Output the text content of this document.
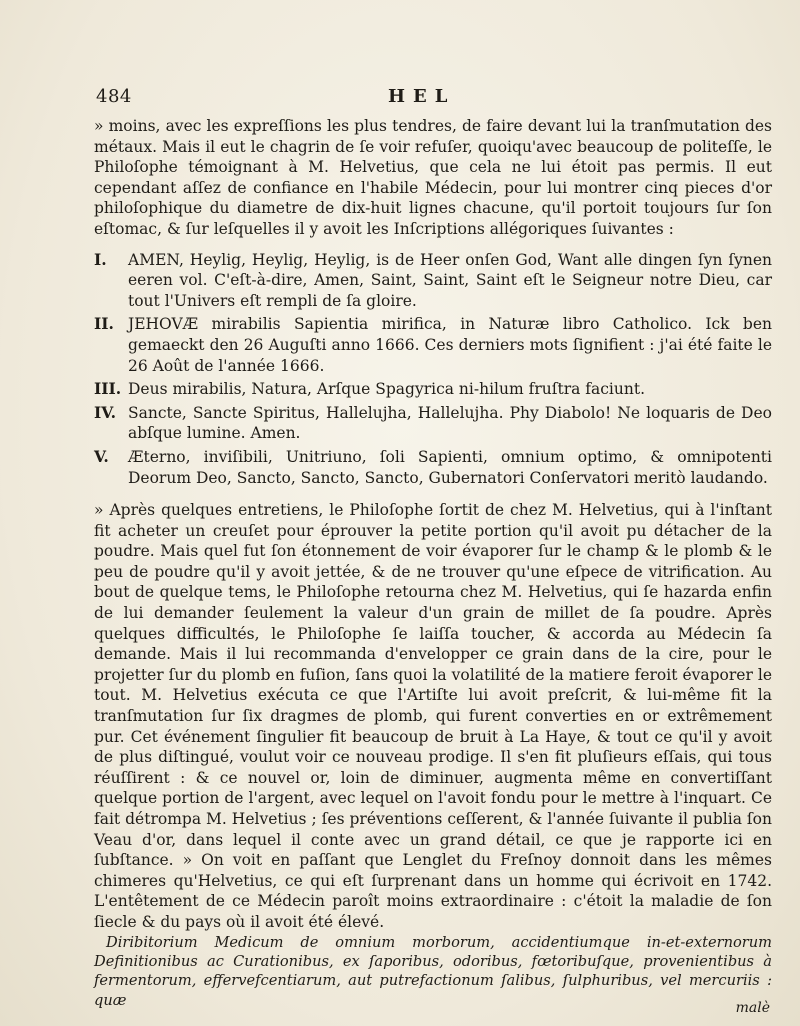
484	HEL

» moins, avec les expreſſions les plus tendres, de faire devant lui la tranſmutation des métaux. Mais il eut le chagrin de ſe voir refuſer, quoiqu'avec beaucoup de politeſſe, le Philoſophe témoignant à M. Helvetius, que cela ne lui étoit pas permis. Il eut cependant aſſez de confiance en l'habile Médecin, pour lui montrer cinq pieces d'or philoſophique du diametre de dix-huit lignes chacune, qu'il portoit toujours ſur ſon eſtomac, & ſur leſquelles il y avoit les Inſcriptions allégoriques ſuivantes :

I.	AMEN, Heylig, Heylig, Heylig, is de Heer onſen God, Want alle dingen ſyn ſynen eeren vol. C'eſt-à-dire, Amen, Saint, Saint, Saint eſt le Seigneur notre Dieu, car tout l'Univers eſt rempli de ſa gloire.
II. JEHOVÆ mirabilis Sapientia mirifica, in Naturæ libro Catholico. Ick ben gemaeckt den 26 Auguſti anno 1666. Ces derniers mots ſignifient : j'ai été faite le 26 Août de l'année 1666.
III. Deus mirabilis, Natura, Arſque Spagyrica ni-hilum fruſtra faciunt.
IV. Sancte, Sancte Spiritus, Hallelujha, Hallelujha. Phy Diabolo! Ne loquaris de Deo abſque lumine. Amen.
V.	Æterno, inviſibili, Unitriuno, ſoli Sapienti, omnium optimo, & omnipotenti Deorum Deo, Sancto, Sancto, Sancto, Gubernatori Conſervatori meritò laudando.

» Après quelques entretiens, le Philoſophe ſortit de chez M. Helvetius, qui à l'inſtant fit acheter un creuſet pour éprouver la petite portion qu'il avoit pu détacher de la poudre. Mais quel fut ſon étonnement de voir évaporer ſur le champ & le plomb & le peu de poudre qu'il y avoit jettée, & de ne trouver qu'une eſpece de vitrification. Au bout de quelque tems, le Philoſophe retourna chez M. Helvetius, qui ſe hazarda enfin de lui demander ſeulement la valeur d'un grain de millet de ſa poudre. Après quelques difficultés, le Philoſophe ſe laiſſa toucher, & accorda au Médecin ſa demande. Mais il lui recommanda d'envelopper ce grain dans de la cire, pour le projetter ſur du plomb en fuſion, ſans quoi la volatilité de la matiere feroit évaporer le tout. M. Helvetius exécuta ce que l'Artiſte lui avoit preſcrit, & lui-même fit la tranſmutation ſur ſix dragmes de plomb, qui furent converties en or extrêmement pur. Cet événement ſingulier fit beaucoup de bruit à La Haye, & tout ce qu'il y avoit de plus diſtingué, voulut voir ce nouveau prodige. Il s'en fit pluſieurs eſſais, qui tous réuſſirent : & ce nouvel or, loin de diminuer, augmenta même en convertiſſant quelque portion de l'argent, avec lequel on l'avoit fondu pour le mettre à l'inquart. Ce fait détrompa M. Helvetius ; ſes préventions ceſſerent, & l'année ſuivante il publia ſon Veau d'or, dans lequel il conte avec un grand détail, ce que je rapporte ici en ſubſtance. » On voit en paſſant que Lenglet du Freſnoy donnoit dans les mêmes chimeres qu'Helvetius, ce qui eſt ſurprenant dans un homme qui écrivoit en 1742. L'entêtement de ce Médecin paroît moins extraordinaire : c'étoit la maladie de ſon ſiecle & du pays où il avoit été élevé.

Diribitorium Medicum de omnium morborum, accidentiumque in-et-externorum Definitionibus ac Curationibus, ex ſaporibus, odoribus, fœtoribuſque, provenientibus à fermentorum, effervefcentiarum, aut putrefactionum ſalibus, ſulphuribus, vel mercuriis : quæ	malè
